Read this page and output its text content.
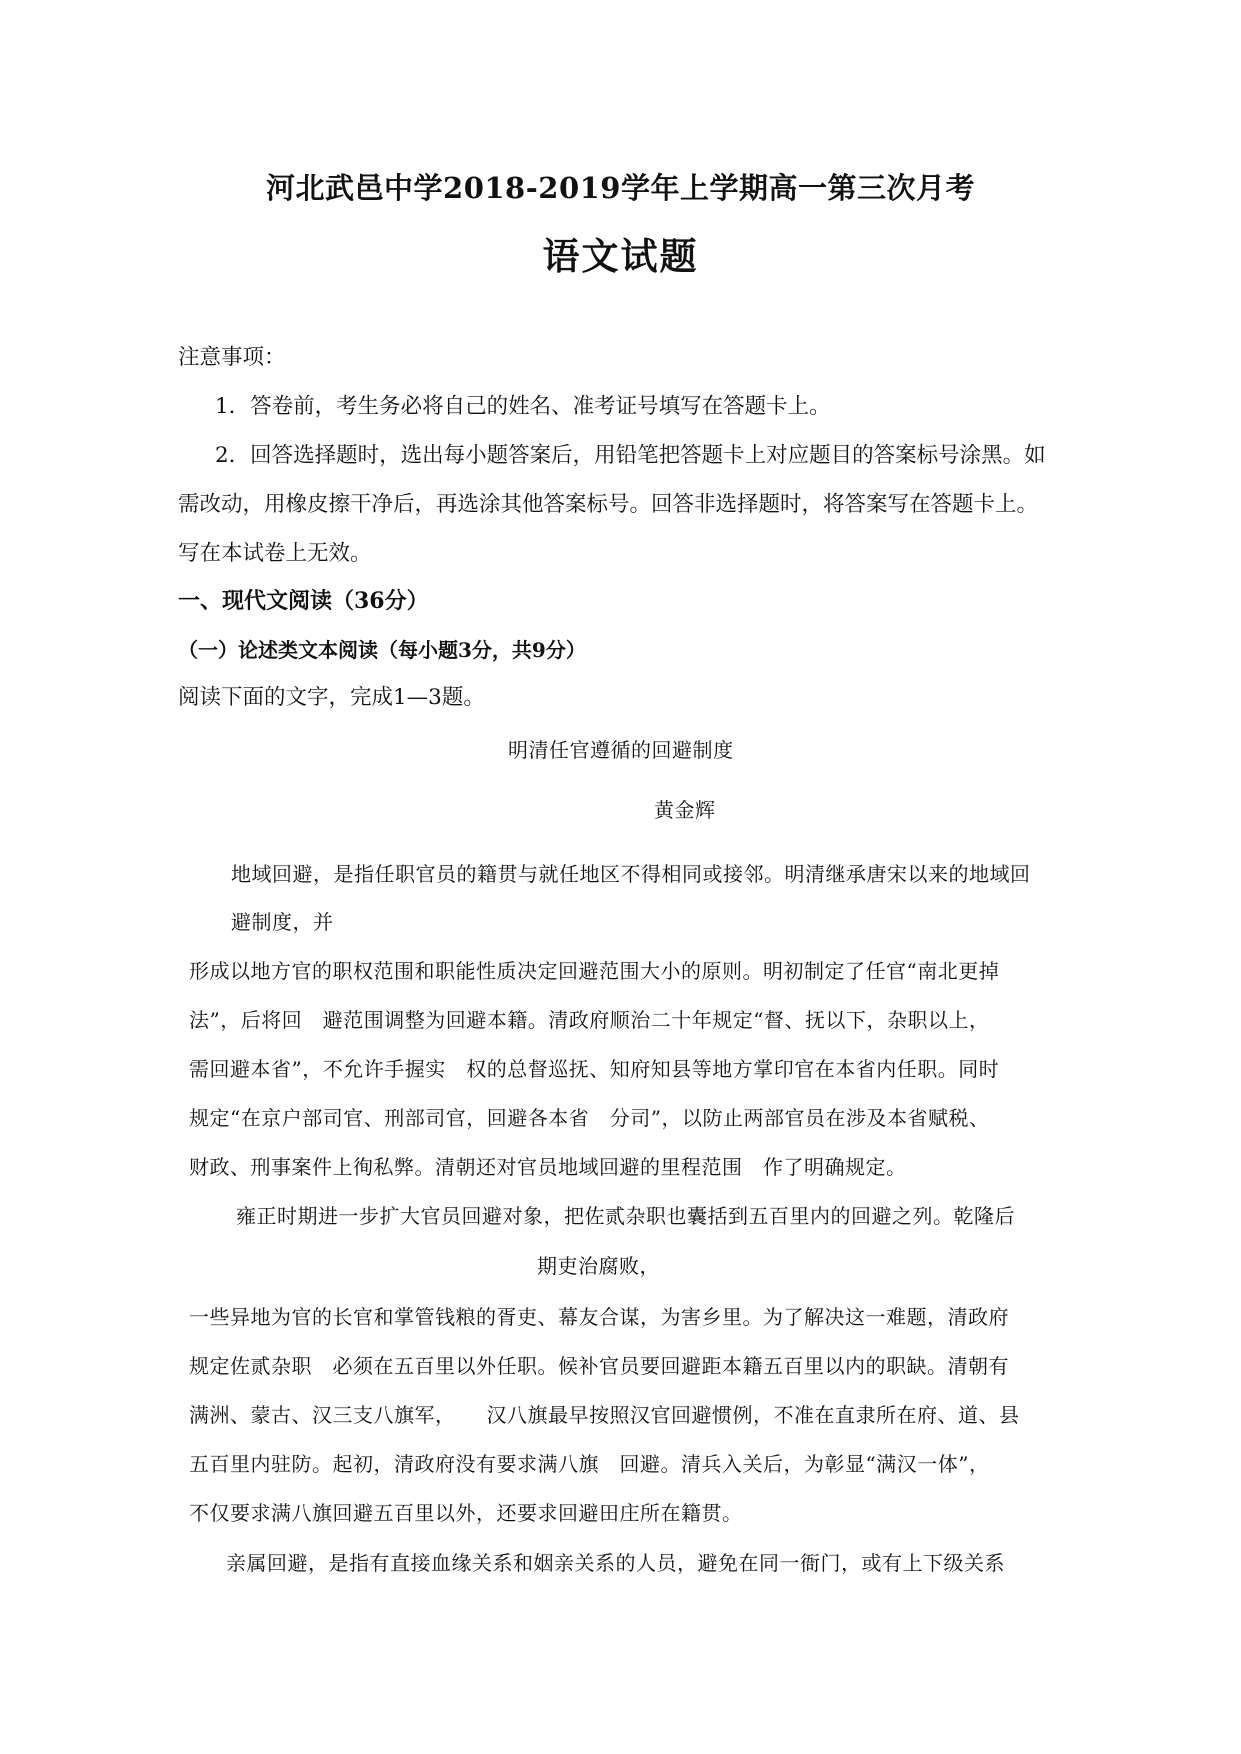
河北武邑中学2018-2019学年上学期高一第三次月考
语文试题
注意事项：
1．答卷前，考生务必将自己的姓名、准考证号填写在答题卡上。
2．回答选择题时，选出每小题答案后，用铅笔把答题卡上对应题目的答案标号涂黑。如
需改动，用橡皮擦干净后，再选涂其他答案标号。回答非选择题时，将答案写在答题卡上。
写在本试卷上无效。
一、现代文阅读（36分）
（一）论述类文本阅读（每小题3分，共9分）
阅读下面的文字，完成1—3题。
明清任官遵循的回避制度
黄金辉
地域回避，是指任职官员的籍贯与就任地区不得相同或接邻。明清继承唐宋以来的地域回
避制度，并
形成以地方官的职权范围和职能性质决定回避范围大小的原则。明初制定了任官“南北更掉
法”，后将回　避范围调整为回避本籍。清政府顺治二十年规定“督、抚以下，杂职以上，
需回避本省”，不允许手握实　权的总督巡抚、知府知县等地方掌印官在本省内任职。同时
规定“在京户部司官、刑部司官，回避各本省　分司”，以防止两部官员在涉及本省赋税、
财政、刑事案件上徇私弊。清朝还对官员地域回避的里程范围　作了明确规定。
雍正时期进一步扩大官员回避对象，把佐贰杂职也囊括到五百里内的回避之列。乾隆后
期吏治腐败，
一些异地为官的长官和掌管钱粮的胥吏、幕友合谋，为害乡里。为了解决这一难题，清政府
规定佐贰杂职　必须在五百里以外任职。候补官员要回避距本籍五百里以内的职缺。清朝有
满洲、蒙古、汉三支八旗军，　　汉八旗最早按照汉官回避惯例，不准在直隶所在府、道、县
五百里内驻防。起初，清政府没有要求满八旗　回避。清兵入关后，为彰显“满汉一体”，
不仅要求满八旗回避五百里以外，还要求回避田庄所在籍贯。
亲属回避，是指有直接血缘关系和姻亲关系的人员，避免在同一衙门，或有上下级关系
